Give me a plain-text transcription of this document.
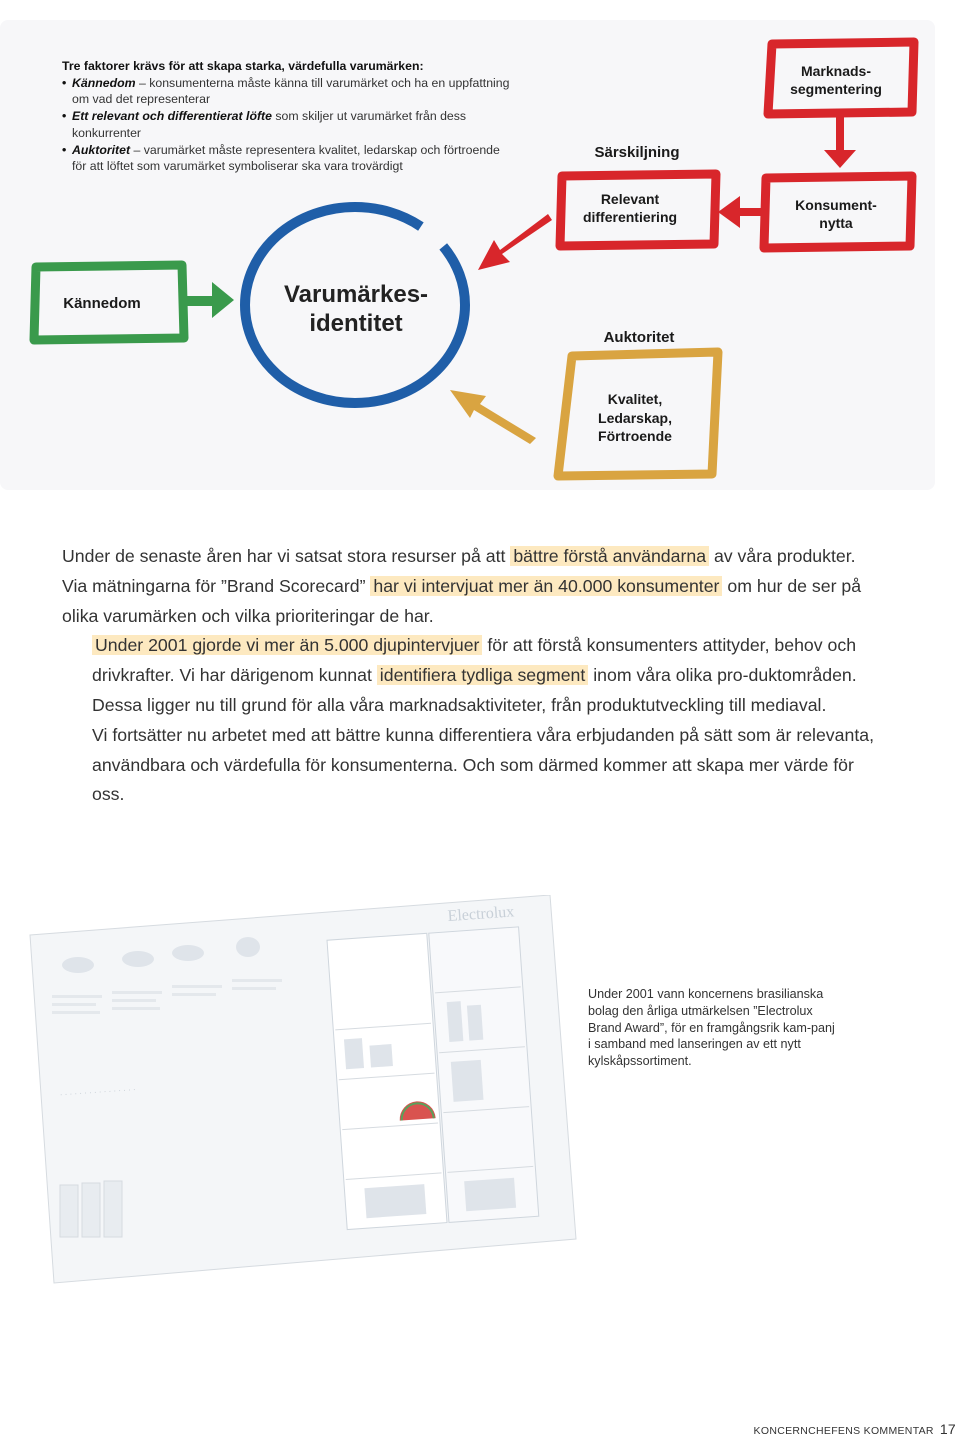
Tre faktorer krävs för att skapa starka, värdefulla varumärken:
• Kännedom – konsumenterna måste känna till varumärket och ha en uppfattning om vad det representerar
• Ett relevant och differentierat löfte som skiljer ut varumärket från dess konkurrenter
• Auktoritet – varumärket måste representera kvalitet, ledarskap och förtroende för att löftet som varumärket symboliserar ska vara trovärdigt
Varumärkes-
identitet
Kännedom
Särskiljning
Relevant
differentiering
Marknads-
segmentering
Konsument-
nytta
Auktoritet
Kvalitet,
Ledarskap,
Förtroende

Under de senaste åren har vi satsat stora resurser på att bättre förstå användarna av våra produkter. Via mätningarna för ”Brand Scorecard” har vi intervjuat mer än 40.000 konsumenter om hur de ser på olika varumärken och vilka prioriteringar de har.

Under 2001 gjorde vi mer än 5.000 djupintervjuer för att förstå konsumenters attityder, behov och drivkrafter. Vi har därigenom kunnat identifiera tydliga segment inom våra olika pro-duktområden. Dessa ligger nu till grund för alla våra marknadsaktiviteter, från produktutveckling till mediaval.

Vi fortsätter nu arbetet med att bättre kunna differentiera våra erbjudanden på sätt som är relevanta, användbara och värdefulla för konsumenterna. Och som därmed kommer att skapa mer värde för oss.

Electrolux
· · · · · · · · · · · · · · · ·
Under 2001 vann koncernens brasilianska bolag den årliga utmärkelsen ”Electrolux Brand Award”, för en framgångsrik kam-panj i samband med lanseringen av ett nytt kylskåpssortiment.
KONCERNCHEFENS KOMMENTAR 17
